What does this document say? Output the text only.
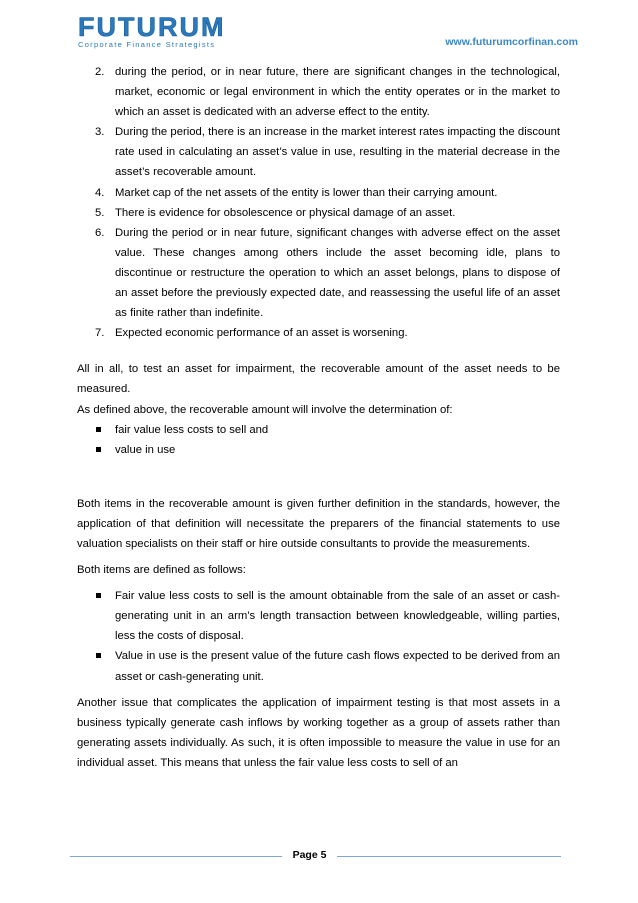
FUTURUM
Corporate Finance Strategists	www.futurumcorfinan.com
2. during the period, or in near future, there are significant changes in the technological, market, economic or legal environment in which the entity operates or in the market to which an asset is dedicated with an adverse effect to the entity.
3. During the period, there is an increase in the market interest rates impacting the discount rate used in calculating an asset’s value in use, resulting in the material decrease in the asset’s recoverable amount.
4. Market cap of the net assets of the entity is lower than their carrying amount.
5. There is evidence for obsolescence or physical damage of an asset.
6. During the period or in near future, significant changes with adverse effect on the asset value. These changes among others include the asset becoming idle, plans to discontinue or restructure the operation to which an asset belongs, plans to dispose of an asset before the previously expected date, and reassessing the useful life of an asset as finite rather than indefinite.
7. Expected economic performance of an asset is worsening.

All in all, to test an asset for impairment, the recoverable amount of the asset needs to be measured.

As defined above, the recoverable amount will involve the determination of:

fair value less costs to sell and
value in use

Both items in the recoverable amount is given further definition in the standards, however, the application of that definition will necessitate the preparers of the financial statements to use valuation specialists on their staff or hire outside consultants to provide the measurements.

Both items are defined as follows:

Fair value less costs to sell is the amount obtainable from the sale of an asset or cash-generating unit in an arm’s length transaction between knowledgeable, willing parties, less the costs of disposal.
Value in use is the present value of the future cash flows expected to be derived from an asset or cash-generating unit.

Another issue that complicates the application of impairment testing is that most assets in a business typically generate cash inflows by working together as a group of assets rather than generating assets individually. As such, it is often impossible to measure the value in use for an individual asset. This means that unless the fair value less costs to sell of an

Page 5
